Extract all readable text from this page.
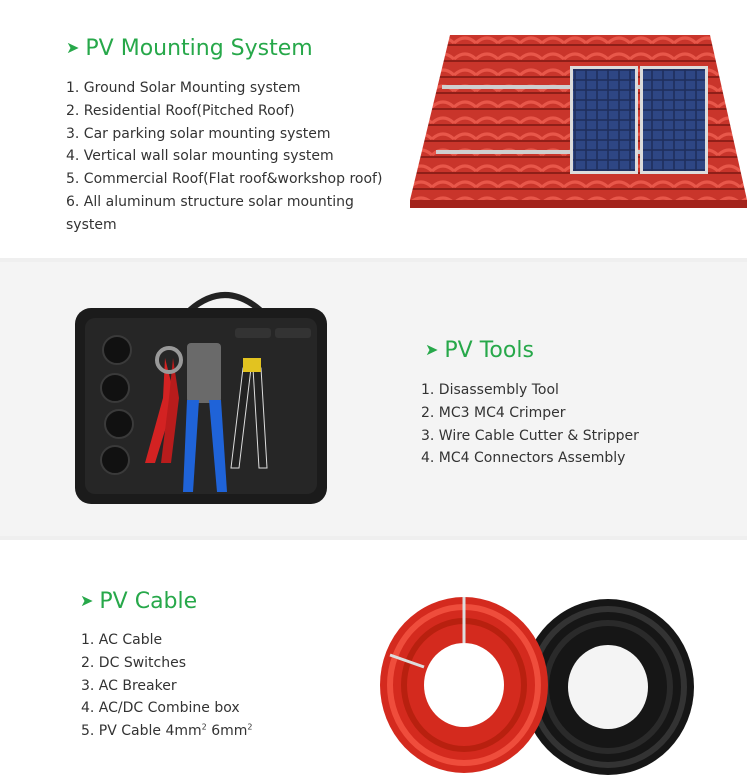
➤ PV Mounting System
1. Ground Solar Mounting system
2. Residential Roof(Pitched Roof)
3. Car parking solar mounting system
4. Vertical wall solar mounting system
5. Commercial Roof(Flat roof&workshop roof)
6. All aluminum structure solar mounting system
➤ PV Tools
1. Disassembly Tool
2. MC3 MC4 Crimper
3. Wire Cable Cutter & Stripper
4. MC4 Connectors Assembly
➤ PV Cable
1. AC Cable
2. DC Switches
3. AC Breaker
4. AC/DC Combine box
5. PV Cable $4mm^2$ $6mm^2$
